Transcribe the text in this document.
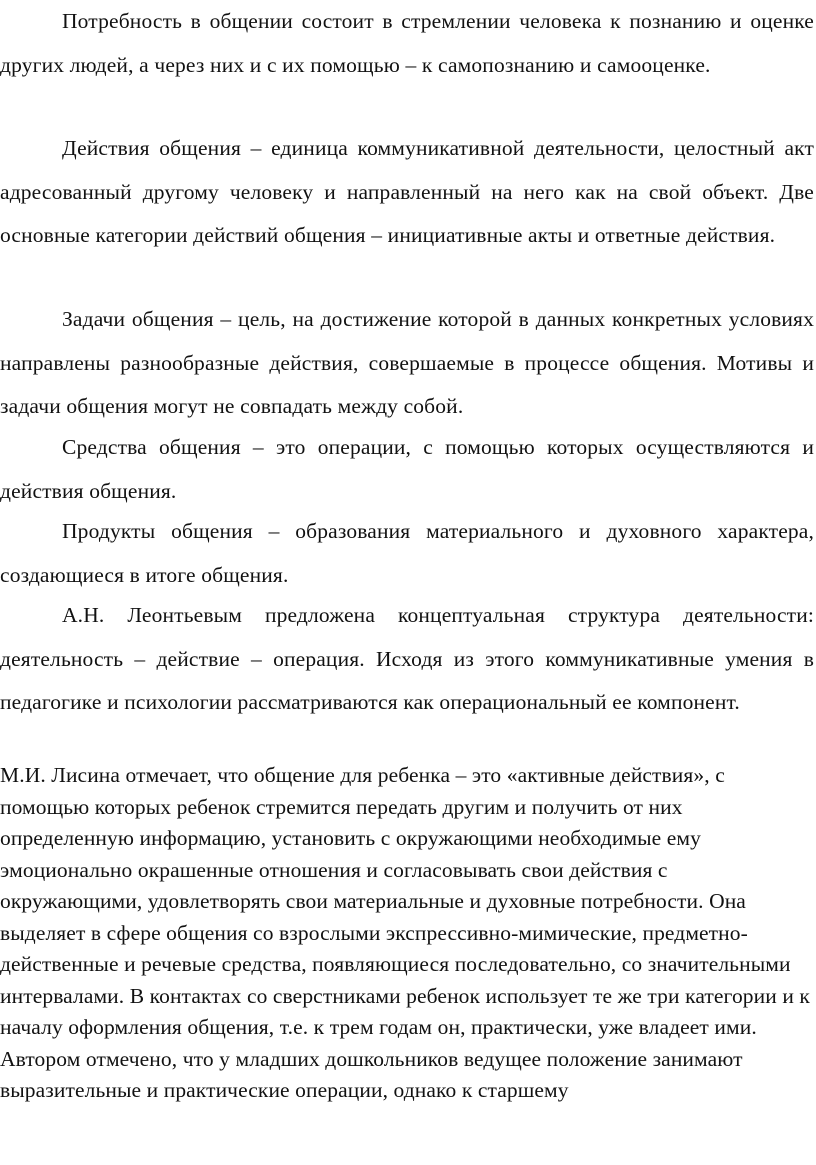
Потребность в общении состоит в стремлении человека к познанию и оценке других людей, а через них и с их помощью – к самопознанию и самооценке.

Действия общения – единица коммуникативной деятельности, целостный акт адресованный другому человеку и направленный на него как на свой объект. Две основные категории действий общения – инициативные акты и ответные действия.

Задачи общения – цель, на достижение которой в данных конкретных условиях направлены разнообразные действия, совершаемые в процессе общения. Мотивы и задачи общения могут не совпадать между собой.

Средства общения – это операции, с помощью которых осуществляются и действия общения.

Продукты общения – образования материального и духовного характера, создающиеся в итоге общения.

А.Н. Леонтьевым предложена концептуальная структура деятельности: деятельность – действие – операция. Исходя из этого коммуникативные умения в педагогике и психологии рассматриваются как операциональный ее компонент.

М.И. Лисина отмечает, что общение для ребенка – это «активные действия», с помощью которых ребенок стремится передать другим и получить от них определенную информацию, установить с окружающими необходимые ему эмоционально окрашенные отношения и согласовывать свои действия с окружающими, удовлетворять свои материальные и духовные потребности. Она выделяет в сфере общения со взрослыми экспрессивно-мимические, предметно-действенные и речевые средства, появляющиеся последовательно, со значительными интервалами. В контактах со сверстниками ребенок использует те же три категории и к началу оформления общения, т.е. к трем годам он, практически, уже владеет ими. Автором отмечено, что у младших дошкольников ведущее положение занимают выразительные и практические операции, однако к старшему
